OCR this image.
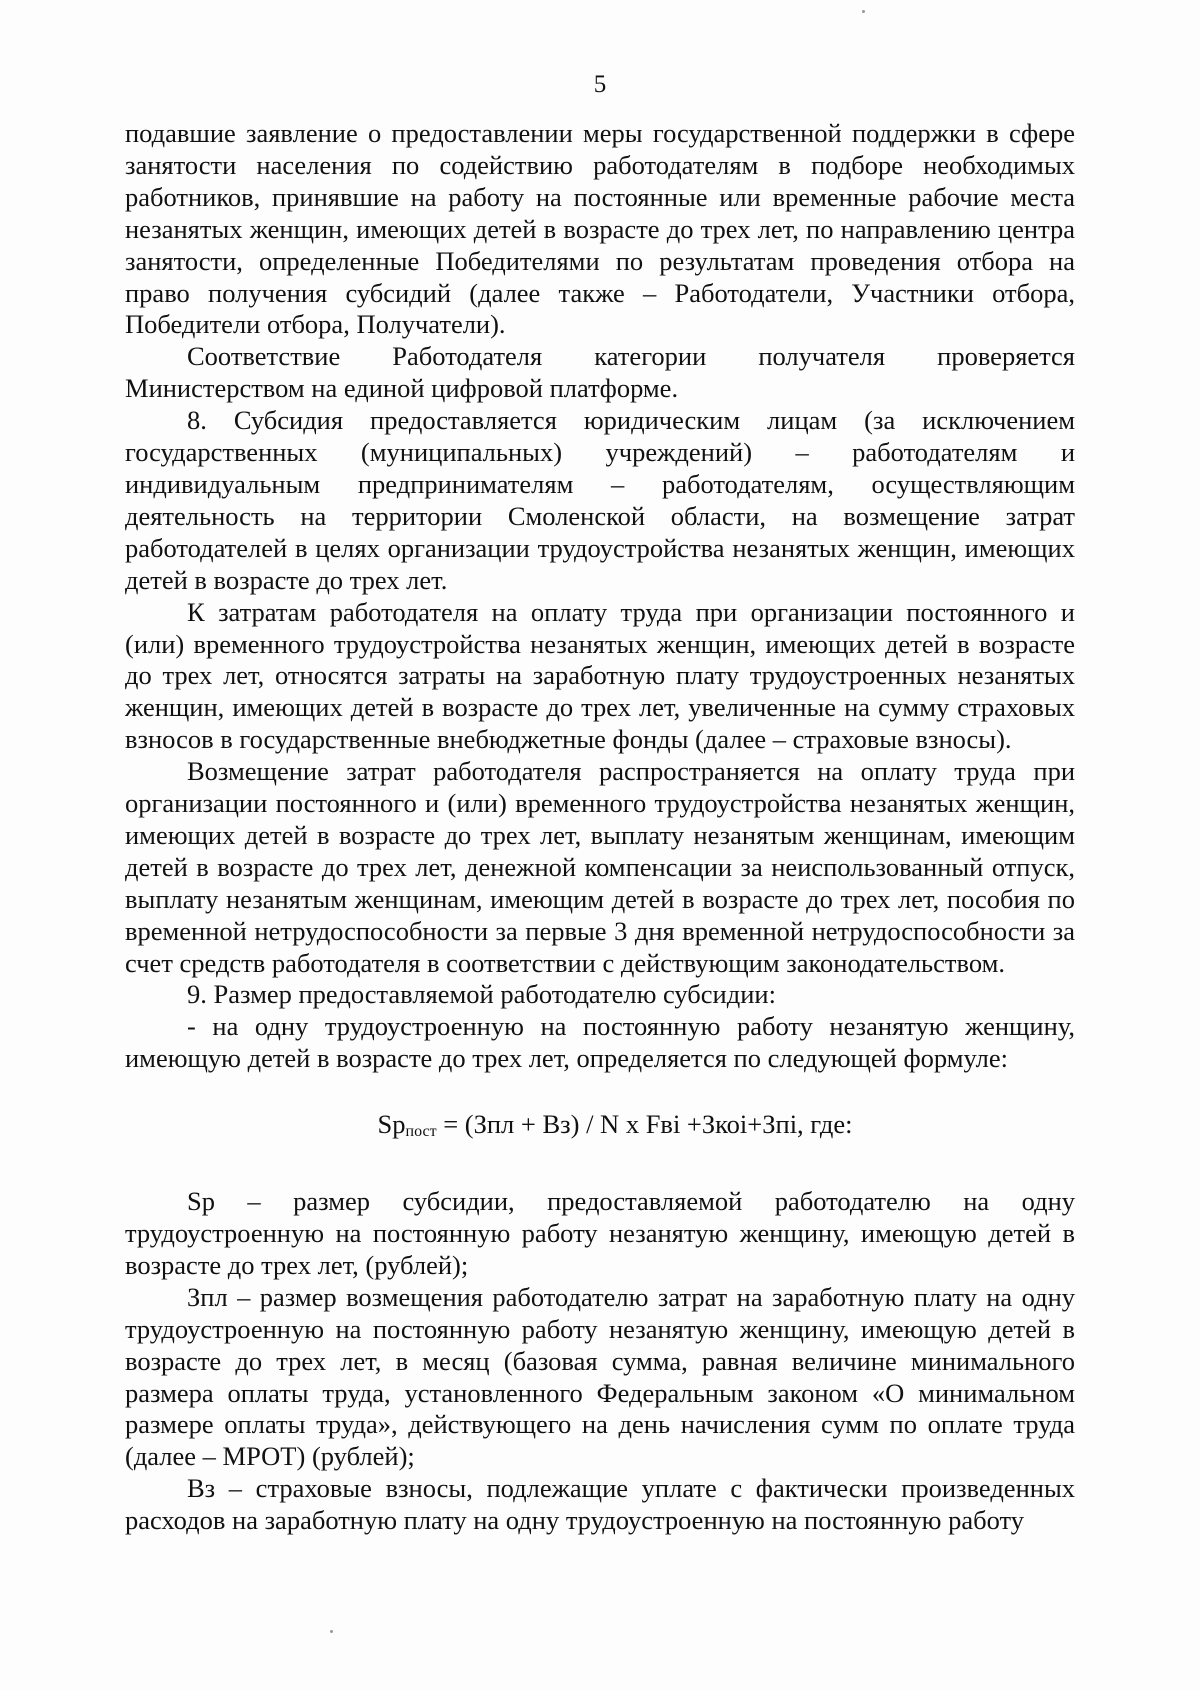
5

подавшие заявление о предоставлении меры государственной поддержки в сфере занятости населения по содействию работодателям в подборе необходимых работников, принявшие на работу на постоянные или временные рабочие места незанятых женщин, имеющих детей в возрасте до трех лет, по направлению центра занятости, определенные Победителями по результатам проведения отбора на право получения субсидий (далее также – Работодатели, Участники отбора, Победители отбора, Получатели).

Соответствие Работодателя категории получателя проверяется Министерством на единой цифровой платформе.

8. Субсидия предоставляется юридическим лицам (за исключением государственных (муниципальных) учреждений) – работодателям и индивидуальным предпринимателям – работодателям, осуществляющим деятельность на территории Смоленской области, на возмещение затрат работодателей в целях организации трудоустройства незанятых женщин, имеющих детей в возрасте до трех лет.

К затратам работодателя на оплату труда при организации постоянного и (или) временного трудоустройства незанятых женщин, имеющих детей в возрасте до трех лет, относятся затраты на заработную плату трудоустроенных незанятых женщин, имеющих детей в возрасте до трех лет, увеличенные на сумму страховых взносов в государственные внебюджетные фонды (далее – страховые взносы).

Возмещение затрат работодателя распространяется на оплату труда при организации постоянного и (или) временного трудоустройства незанятых женщин, имеющих детей в возрасте до трех лет, выплату незанятым женщинам, имеющим детей в возрасте до трех лет, денежной компенсации за неиспользованный отпуск, выплату незанятым женщинам, имеющим детей в возрасте до трех лет, пособия по временной нетрудоспособности за первые 3 дня временной нетрудоспособности за счет средств работодателя в соответствии с действующим законодательством.

9. Размер предоставляемой работодателю субсидии:

- на одну трудоустроенную на постоянную работу незанятую женщину, имеющую детей в возрасте до трех лет, определяется по следующей формуле:

$Sp_{пост} = (Зпл + Вз) / N$ x Fвi +Зкоi+Зпi, где:

Sp – размер субсидии, предоставляемой работодателю на одну трудоустроенную на постоянную работу незанятую женщину, имеющую детей в возрасте до трех лет, (рублей);

Зпл – размер возмещения работодателю затрат на заработную плату на одну трудоустроенную на постоянную работу незанятую женщину, имеющую детей в возрасте до трех лет, в месяц (базовая сумма, равная величине минимального размера оплаты труда, установленного Федеральным законом «О минимальном размере оплаты труда», действующего на день начисления сумм по оплате труда (далее – МРОТ) (рублей);

Вз – страховые взносы, подлежащие уплате с фактически произведенных расходов на заработную плату на одну трудоустроенную на постоянную работу
